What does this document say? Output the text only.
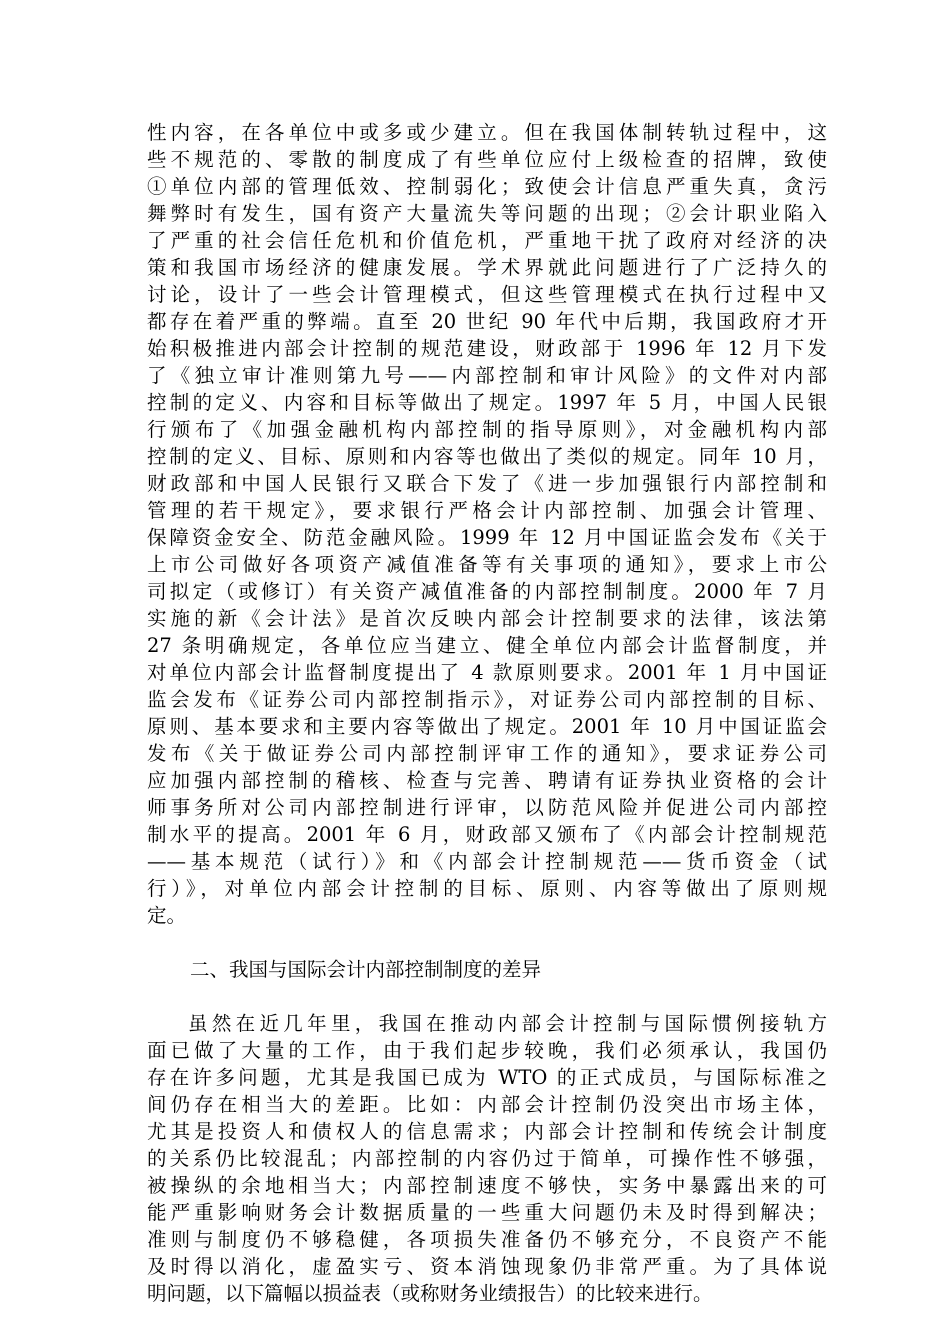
性内容，在各单位中或多或少建立。但在我国体制转轨过程中，这
些不规范的、零散的制度成了有些单位应付上级检查的招牌，致使
①单位内部的管理低效、控制弱化；致使会计信息严重失真，贪污
舞弊时有发生，国有资产大量流失等问题的出现；②会计职业陷入
了严重的社会信任危机和价值危机，严重地干扰了政府对经济的决
策和我国市场经济的健康发展。学术界就此问题进行了广泛持久的
讨论，设计了一些会计管理模式，但这些管理模式在执行过程中又
都存在着严重的弊端。直至 20 世纪 90 年代中后期，我国政府才开
始积极推进内部会计控制的规范建设，财政部于 1996 年 12 月下发
了《独立审计准则第九号——内部控制和审计风险》的文件对内部
控制的定义、内容和目标等做出了规定。1997 年 5 月，中国人民银
行颁布了《加强金融机构内部控制的指导原则》，对金融机构内部
控制的定义、目标、原则和内容等也做出了类似的规定。同年 10 月，
财政部和中国人民银行又联合下发了《进一步加强银行内部控制和
管理的若干规定》，要求银行严格会计内部控制、加强会计管理、
保障资金安全、防范金融风险。1999 年 12 月中国证监会发布《关于
上市公司做好各项资产减值准备等有关事项的通知》，要求上市公
司拟定（或修订）有关资产减值准备的内部控制制度。2000 年 7 月
实施的新《会计法》是首次反映内部会计控制要求的法律，该法第
27 条明确规定，各单位应当建立、健全单位内部会计监督制度，并
对单位内部会计监督制度提出了 4 款原则要求。2001 年 1 月中国证
监会发布《证券公司内部控制指示》，对证券公司内部控制的目标、
原则、基本要求和主要内容等做出了规定。2001 年 10 月中国证监会
发布《关于做证券公司内部控制评审工作的通知》，要求证券公司
应加强内部控制的稽核、检查与完善、聘请有证券执业资格的会计
师事务所对公司内部控制进行评审，以防范风险并促进公司内部控
制水平的提高。2001 年 6 月，财政部又颁布了《内部会计控制规范
——基本规范（试行）》和《内部会计控制规范——货币资金（试
行）》，对单位内部会计控制的目标、原则、内容等做出了原则规
定。
二、我国与国际会计内部控制制度的差异
虽然在近几年里，我国在推动内部会计控制与国际惯例接轨方
面已做了大量的工作，由于我们起步较晚，我们必须承认，我国仍
存在许多问题，尤其是我国已成为 WTO 的正式成员，与国际标准之
间仍存在相当大的差距。比如：内部会计控制仍没突出市场主体，
尤其是投资人和债权人的信息需求；内部会计控制和传统会计制度
的关系仍比较混乱；内部控制的内容仍过于简单，可操作性不够强，
被操纵的余地相当大；内部控制速度不够快，实务中暴露出来的可
能严重影响财务会计数据质量的一些重大问题仍未及时得到解决；
准则与制度仍不够稳健，各项损失准备仍不够充分，不良资产不能
及时得以消化，虚盈实亏、资本消蚀现象仍非常严重。为了具体说
明问题，以下篇幅以损益表（或称财务业绩报告）的比较来进行。
